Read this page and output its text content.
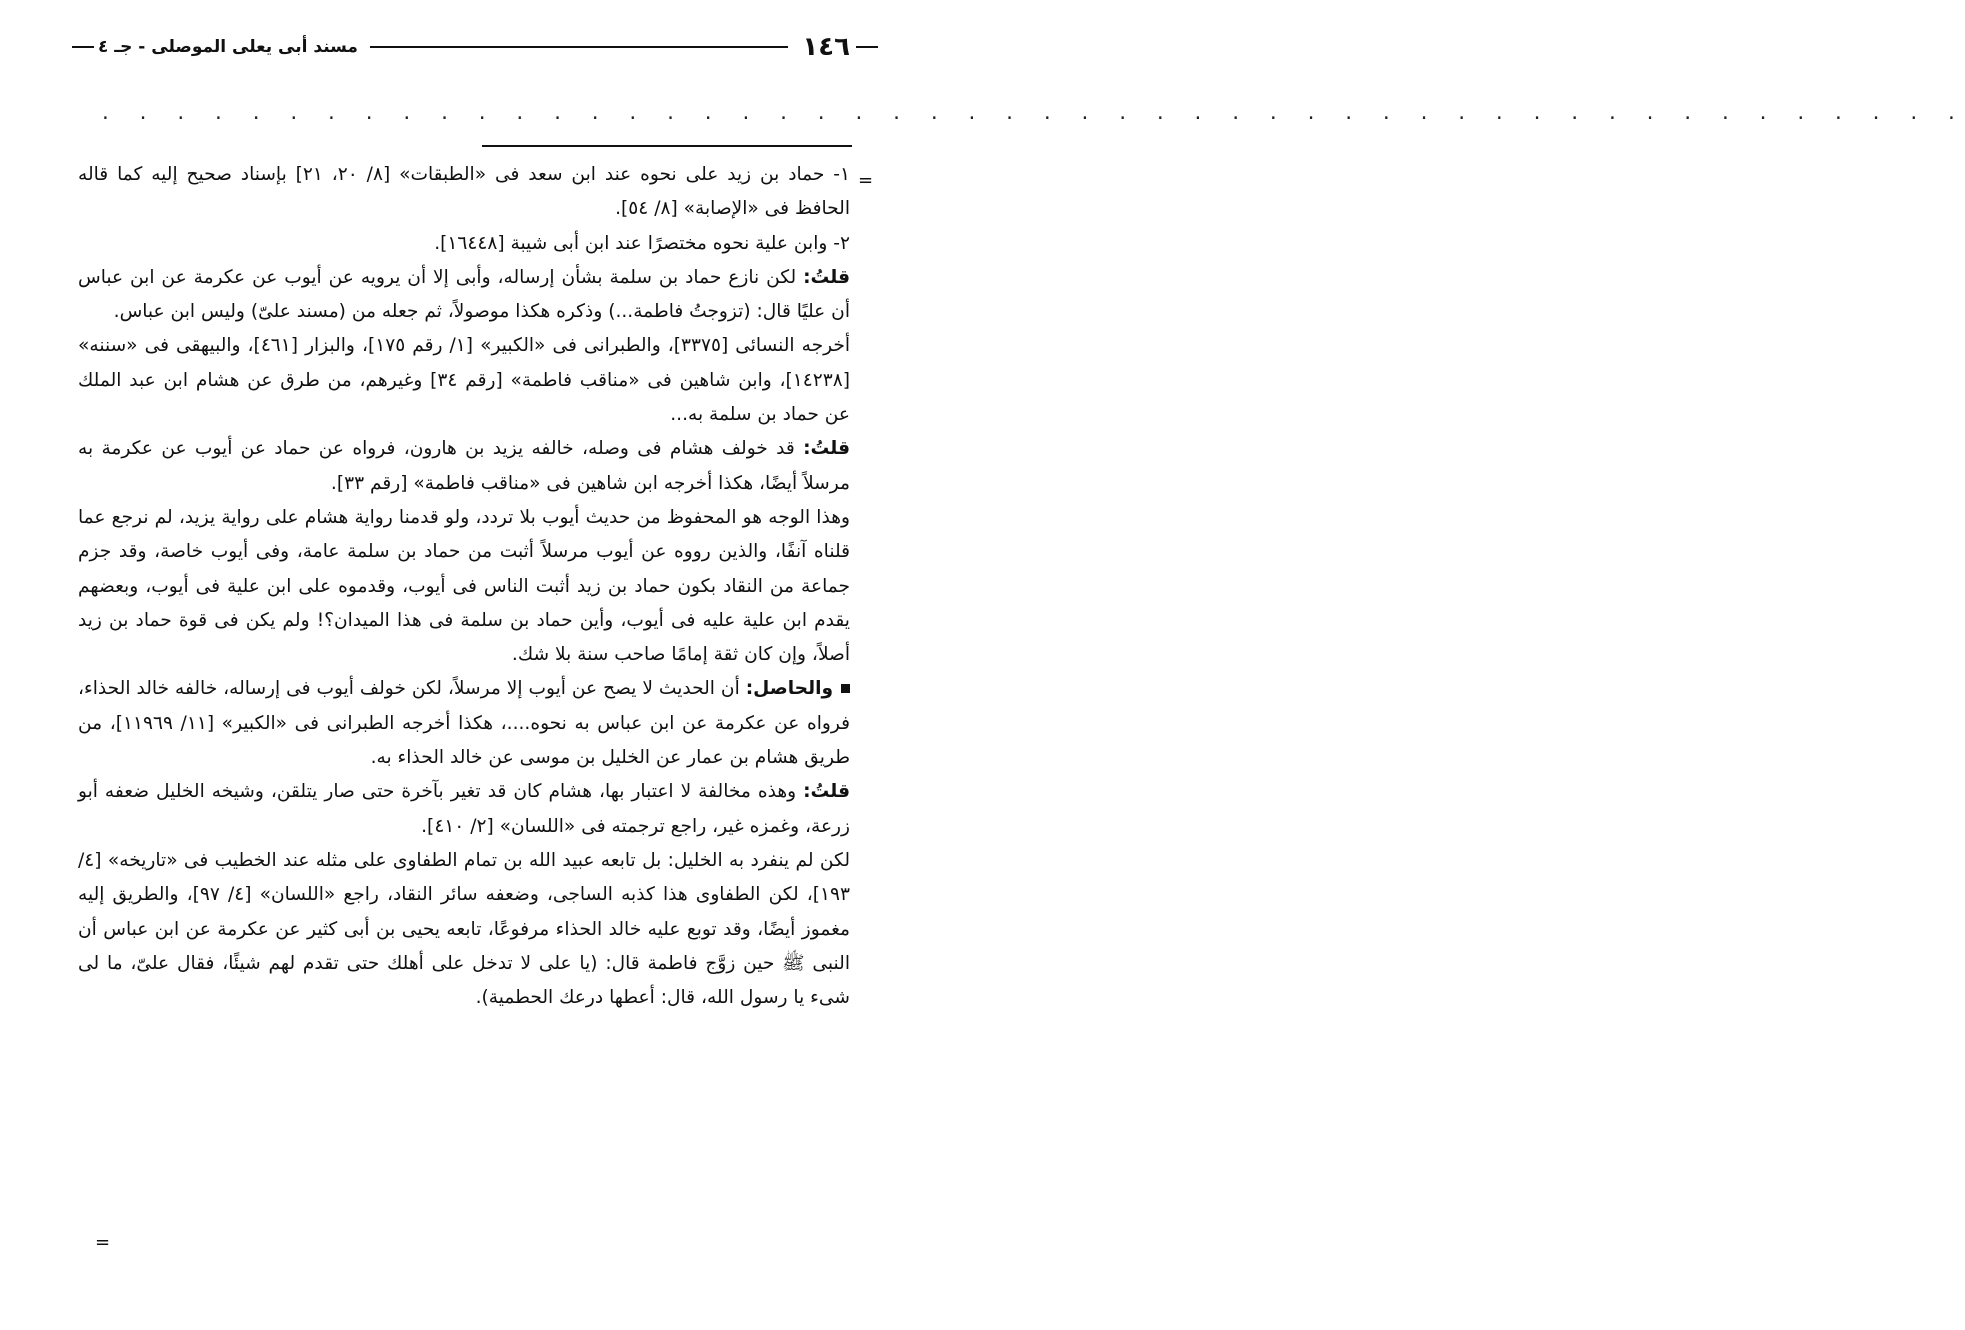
١٤٦
مسند أبى يعلى الموصلى - جـ ٤
. . . . . . . . . . . . . . . . . . . . . . . . . . . . . . . . . . . . . . . . . . . . . . . . . .
=

١- حماد بن زيد على نحوه عند ابن سعد فى «الطبقات» [٨/ ٢٠، ٢١] بإسناد صحيح إليه كما قاله الحافظ فى «الإصابة» [٨/ ٥٤].

٢- وابن علية نحوه مختصرًا عند ابن أبى شيبة [١٦٤٤٨].

قلتُ: لكن نازع حماد بن سلمة بشأن إرساله، وأبى إلا أن يرويه عن أيوب عن عكرمة عن ابن عباس أن عليًا قال: (تزوجتُ فاطمة...) وذكره هكذا موصولاً، ثم جعله من (مسند علىّ) وليس ابن عباس.

أخرجه النسائى [٣٣٧٥]، والطبرانى فى «الكبير» [١/ رقم ١٧٥]، والبزار [٤٦١]، والبيهقى فى «سننه» [١٤٢٣٨]، وابن شاهين فى «مناقب فاطمة» [رقم ٣٤] وغيرهم، من طرق عن هشام ابن عبد الملك عن حماد بن سلمة به...

قلتُ: قد خولف هشام فى وصله، خالفه يزيد بن هارون، فرواه عن حماد عن أيوب عن عكرمة به مرسلاً أيضًا، هكذا أخرجه ابن شاهين فى «مناقب فاطمة» [رقم ٣٣].

وهذا الوجه هو المحفوظ من حديث أيوب بلا تردد، ولو قدمنا رواية هشام على رواية يزيد، لم نرجع عما قلناه آنفًا، والذين رووه عن أيوب مرسلاً أثبت من حماد بن سلمة عامة، وفى أيوب خاصة، وقد جزم جماعة من النقاد بكون حماد بن زيد أثبت الناس فى أيوب، وقدموه على ابن علية فى أيوب، وبعضهم يقدم ابن علية عليه فى أيوب، وأين حماد بن سلمة فى هذا الميدان؟! ولم يكن فى قوة حماد بن زيد أصلاً، وإن كان ثقة إمامًا صاحب سنة بلا شك.

والحاصل: أن الحديث لا يصح عن أيوب إلا مرسلاً، لكن خولف أيوب فى إرساله، خالفه خالد الحذاء، فرواه عن عكرمة عن ابن عباس به نحوه....، هكذا أخرجه الطبرانى فى «الكبير» [١١/ ١١٩٦٩]، من طريق هشام بن عمار عن الخليل بن موسى عن خالد الحذاء به.

قلتُ: وهذه مخالفة لا اعتبار بها، هشام كان قد تغير بآخرة حتى صار يتلقن، وشيخه الخليل ضعفه أبو زرعة، وغمزه غير، راجع ترجمته فى «اللسان» [٢/ ٤١٠].

لكن لم ينفرد به الخليل: بل تابعه عبيد الله بن تمام الطفاوى على مثله عند الخطيب فى «تاريخه» [٤/ ١٩٣]، لكن الطفاوى هذا كذبه الساجى، وضعفه سائر النقاد، راجع «اللسان» [٤/ ٩٧]، والطريق إليه مغموز أيضًا، وقد توبع عليه خالد الحذاء مرفوعًا، تابعه يحيى بن أبى كثير عن عكرمة عن ابن عباس أن النبى ﷺ حين زوَّج فاطمة قال: (يا على لا تدخل على أهلك حتى تقدم لهم شيئًا، فقال علىّ، ما لى شىء يا رسول الله، قال: أعطها درعك الحطمية).

=
